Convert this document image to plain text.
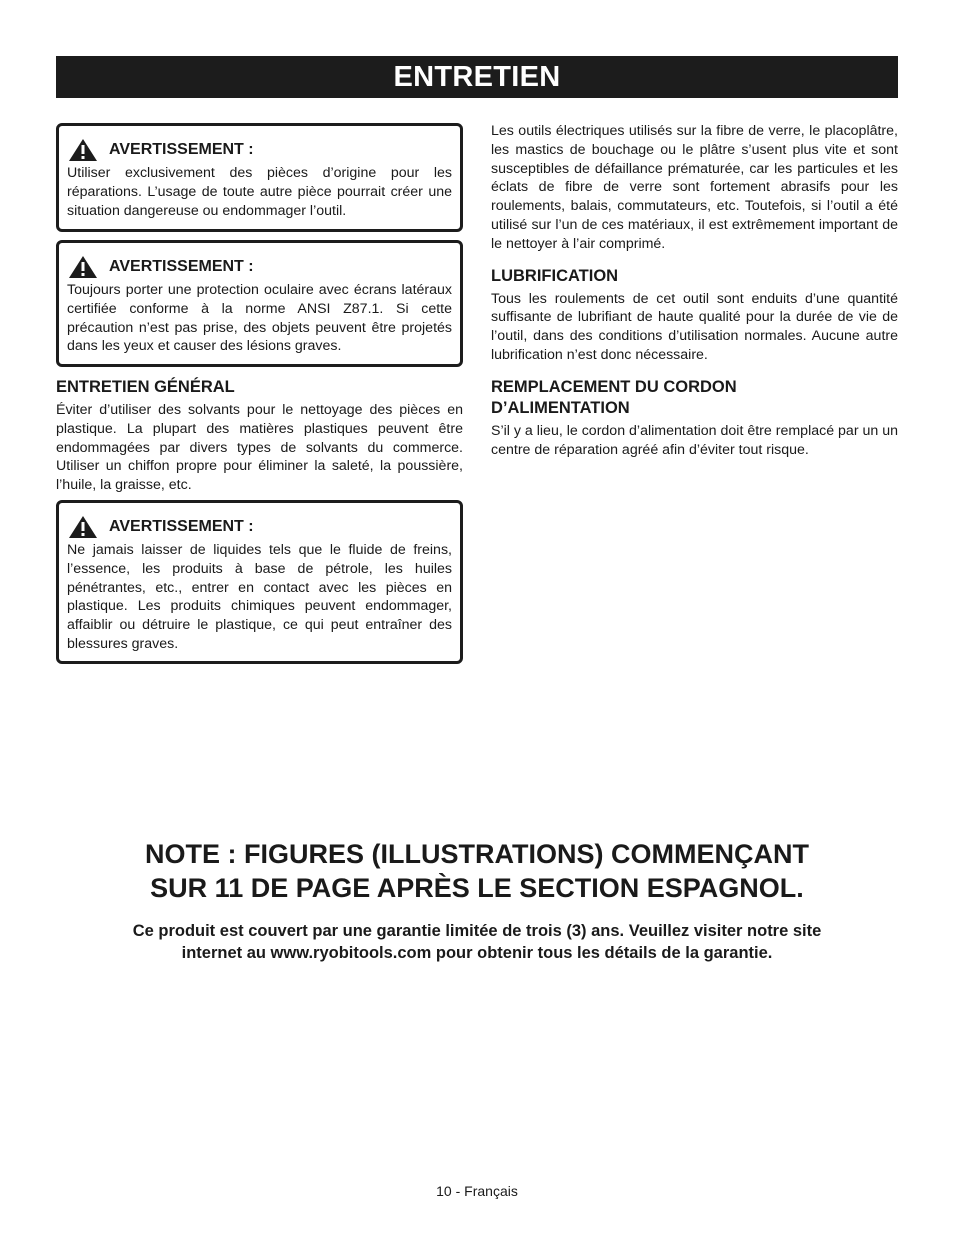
ENTRETIEN
AVERTISSEMENT :
Utiliser exclusivement des pièces d’origine pour les réparations. L’usage de toute autre pièce pourrait créer une situation dangereuse ou endommager l’outil.
AVERTISSEMENT :
Toujours porter une protection oculaire avec écrans latéraux certifiée conforme à la norme ANSI Z87.1. Si cette précaution n’est pas prise, des objets peuvent être projetés dans les yeux et causer des lésions graves.
ENTRETIEN GÉNÉRAL
Éviter d’utiliser des solvants pour le nettoyage des pièces en plastique. La plupart des matières plastiques peuvent être endommagées par divers types de solvants du commerce. Utiliser un chiffon propre pour éliminer la saleté, la poussière, l’huile, la graisse, etc.
AVERTISSEMENT :
Ne jamais laisser de liquides tels que le fluide de freins, l’essence, les produits à base de pétrole, les huiles pénétrantes, etc., entrer en contact avec les pièces en plastique. Les produits chimiques peuvent endommager, affaiblir ou détruire le plastique, ce qui peut entraîner des blessures graves.
Les outils électriques utilisés sur la fibre de verre, le placoplâtre, les mastics de bouchage ou le plâtre s’usent plus vite et sont susceptibles de défaillance prématurée, car les particules et les éclats de fibre de verre sont fortement abrasifs pour les roulements, balais, commutateurs, etc. Toutefois, si l’outil a été utilisé sur l’un de ces matériaux, il est extrêmement important de le nettoyer à l’air comprimé.
LUBRIFICATION
Tous les roulements de cet outil sont enduits d’une quantité suffisante de lubrifiant de haute qualité pour la durée de vie de l’outil, dans des conditions d’utilisation normales. Aucune autre lubrification n’est donc nécessaire.
REMPLACEMENT DU CORDON
D’ALIMENTATION
S’il y a lieu, le cordon d’alimentation doit être remplacé par un un centre de réparation agréé afin d’éviter tout risque.
NOTE : FIGURES (ILLUSTRATIONS) COMMENÇANT
SUR 11 DE PAGE APRÈS LE SECTION ESPAGNOL.
Ce produit est couvert par une garantie limitée de trois (3) ans. Veuillez visiter notre site
internet au www.ryobitools.com pour obtenir tous les détails de la garantie.
10 - Français
